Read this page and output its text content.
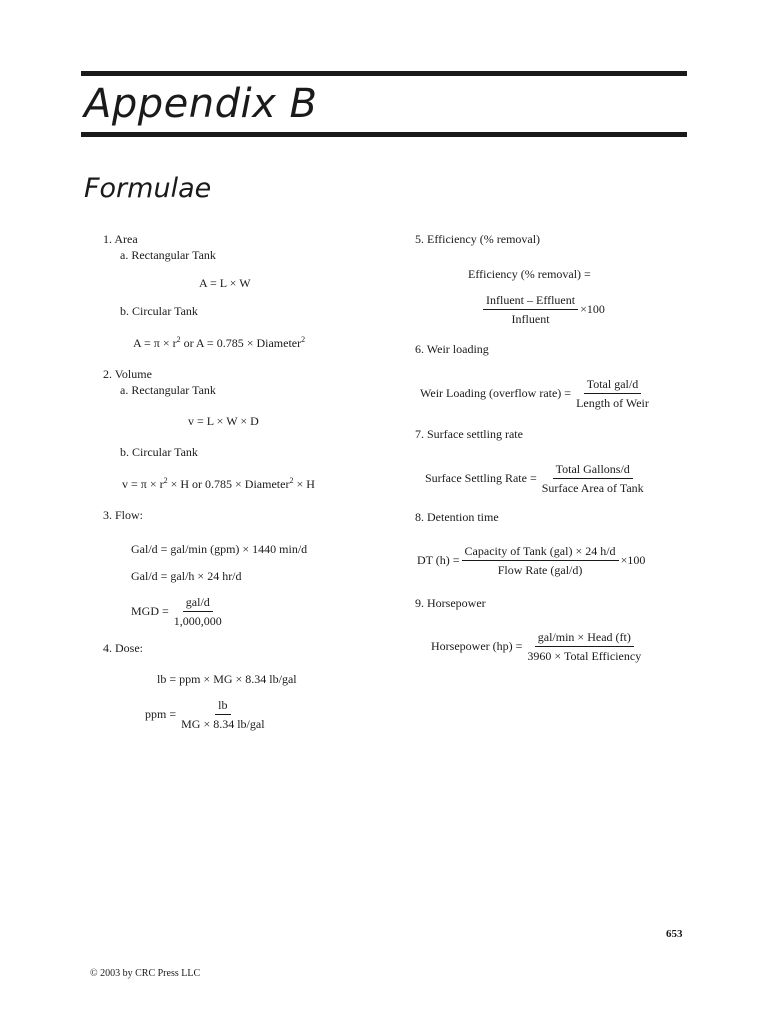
Appendix B
Formulae
1. Area
a. Rectangular Tank
A = L × W
b. Circular Tank
$A = \pi \times r^2$ or A = 0.785 × Diameter$^2$
2. Volume
a. Rectangular Tank
v = L × W × D
b. Circular Tank
$v = \pi \times r^2 \times H$ or 0.785 × Diameter$^2$ × H
3. Flow:
Gal/d = gal/min (gpm) × 1440 min/d
Gal/d = gal/h × 24 hr/d
MGD = $\frac{\text{gal/d}}{1,000,000}$
4. Dose:
lb = ppm × MG × 8.34 lb/gal
ppm = $\frac{lb}{\text{MG × 8.34 lb/gal}}$
5. Efficiency (% removal)
Efficiency (% removal) =
$\frac{\text{Influent – Effluent}}{\text{Influent}} \times 100$
6. Weir loading
Weir Loading (overflow rate) = $\frac{\text{Total gal/d}}{\text{Length of Weir}}$
7. Surface settling rate
Surface Settling Rate = $\frac{\text{Total Gallons/d}}{\text{Surface Area of Tank}}$
8. Detention time
DT $(h) = \frac{\text{Capacity of Tank (gal) × 24 h/d}}{\text{Flow Rate (gal/d)}} \times 100$
9. Horsepower
Horsepower $(hp) = \frac{\text{gal/min × Head (ft)}}{\text{3960 × Total Efficiency}}$
653
© 2003 by CRC Press LLC
